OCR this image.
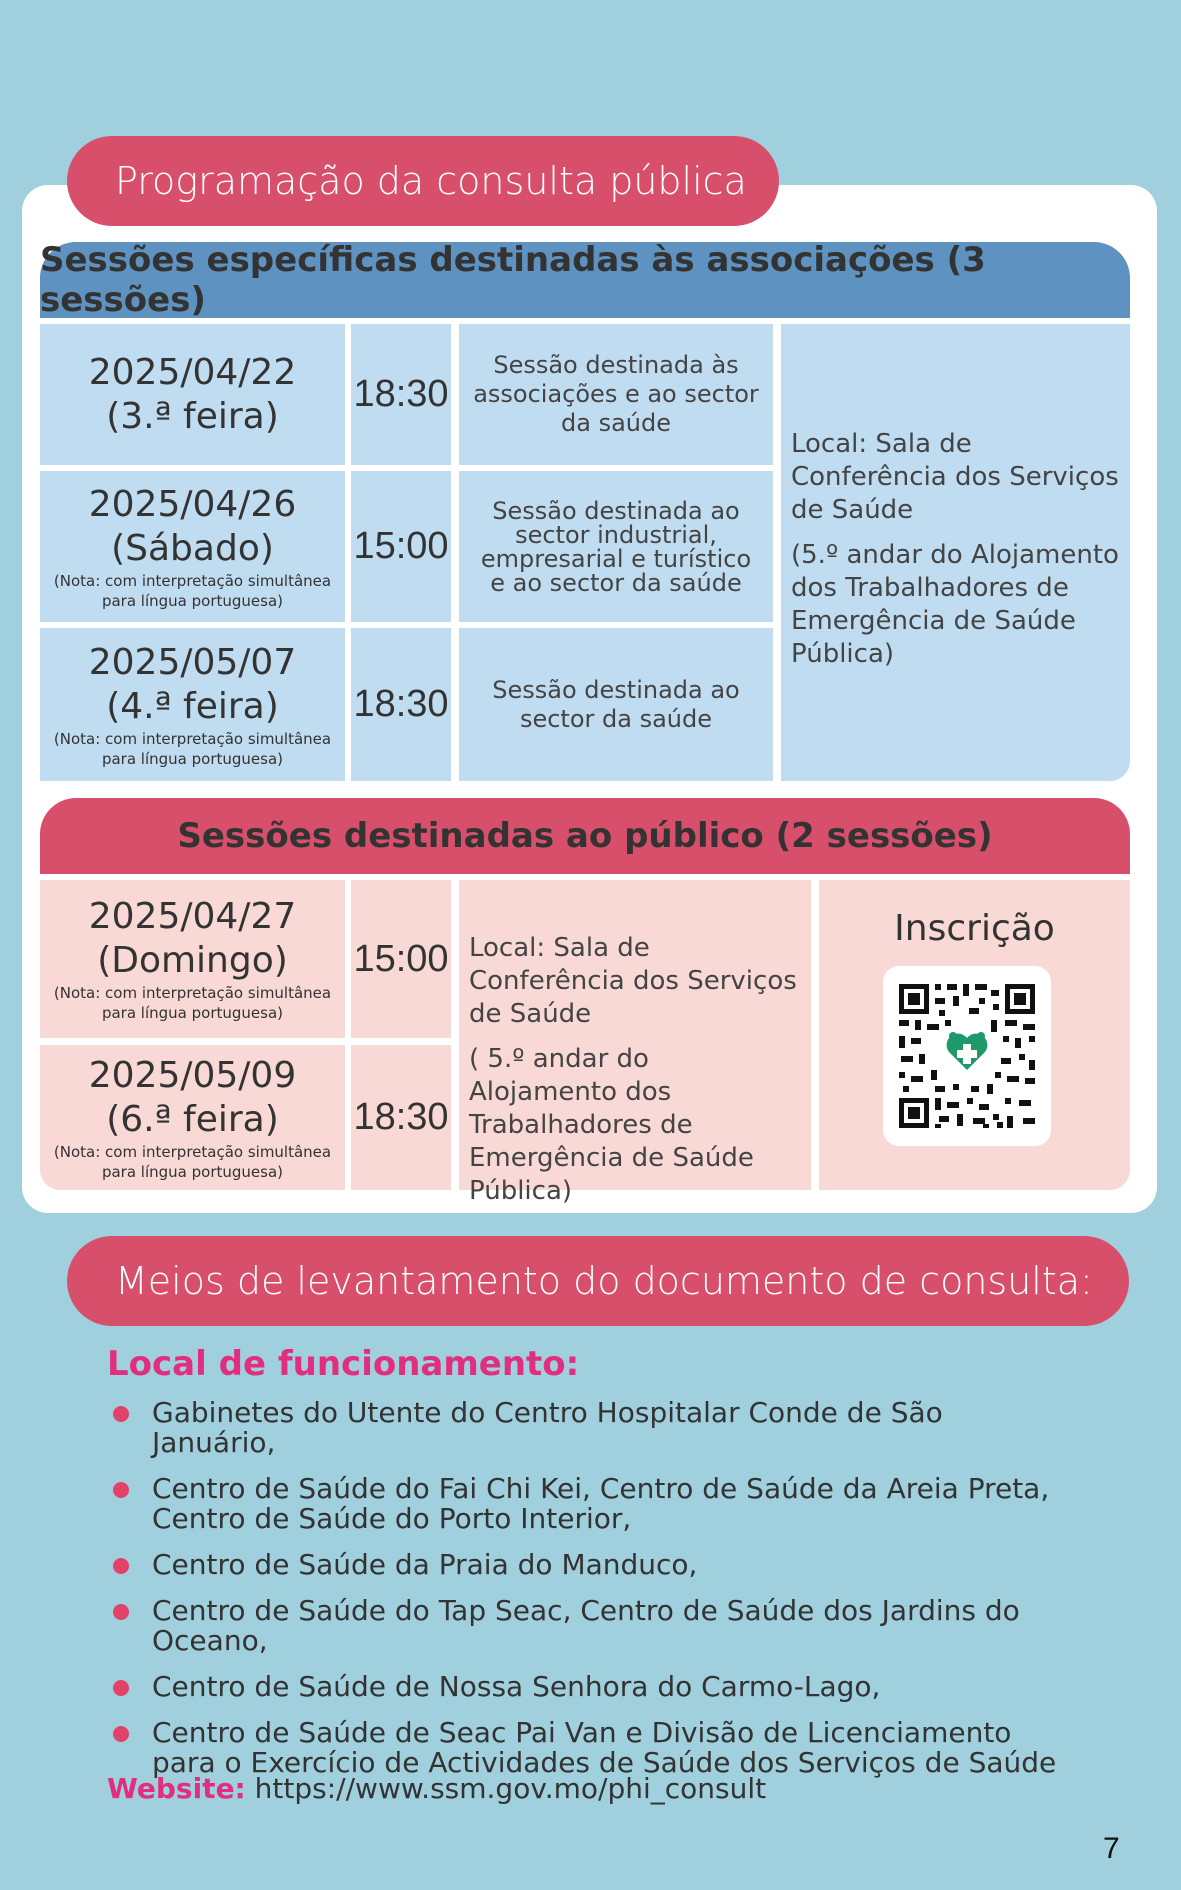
Programação da consulta pública
Sessões específicas destinadas às associações (3 sessões)
2025/04/22
(3.ª feira)
18:30
Sessão destinada às associações e ao sector da saúde
2025/04/26
(Sábado)
(Nota: com interpretação simultânea
para língua portuguesa)
15:00
Sessão destinada ao sector industrial, empresarial e turístico e ao sector da saúde
2025/05/07
(4.ª feira)
(Nota: com interpretação simultânea
para língua portuguesa)
18:30	Sessão destinada ao sector da saúde

Local: Sala de Conferência dos Serviços de Saúde

(5.º andar do Alojamento dos Trabalhadores de Emergência de Saúde Pública)

Sessões destinadas ao público (2 sessões)
2025/04/27
(Domingo)
(Nota: com interpretação simultânea
para língua portuguesa)
15:00
2025/05/09
(6.ª feira)
(Nota: com interpretação simultânea
para língua portuguesa)
18:30

Local: Sala de Conferência dos Serviços de Saúde

( 5.º andar do Alojamento dos Trabalhadores de Emergência de Saúde Pública)

Inscrição
Meios de levantamento do documento de consulta:
Local de funcionamento:
Gabinetes do Utente do Centro Hospitalar Conde de São Januário,
Centro de Saúde do Fai Chi Kei, Centro de Saúde da Areia Preta, Centro de Saúde do Porto Interior,
Centro de Saúde da Praia do Manduco,
Centro de Saúde do Tap Seac, Centro de Saúde dos Jardins do Oceano,
Centro de Saúde de Nossa Senhora do Carmo-Lago,
Centro de Saúde de Seac Pai Van e Divisão de Licenciamento para o Exercício de Actividades de Saúde dos Serviços de Saúde
Website: https://www.ssm.gov.mo/phi_consult
7
